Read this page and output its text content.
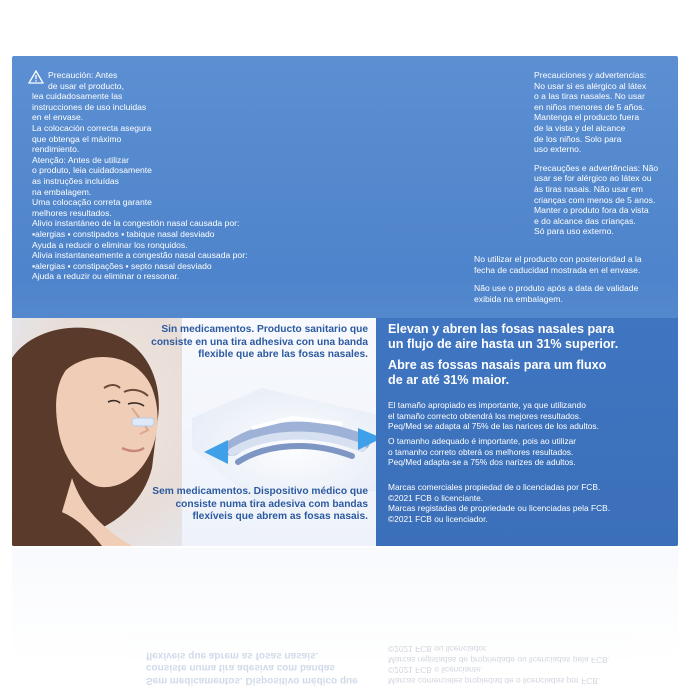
Precaución: Antes
de usar el producto,
lea cuidadosamente las
instrucciones de uso incluidas
en el envase.
La colocación correcta asegura
que obtenga el máximo
rendimiento.
Atenção: Antes de utilizar
o produto, leia cuidadosamente
as instruções incluídas
na embalagem.
Uma colocação correta garante
melhores resultados.
Alivio instantáneo de la congestión nasal causada por:
▪alergias ▪ constipados ▪ tabique nasal desviado
Ayuda a reducir o eliminar los ronquidos.
Alivia instantaneamente a congestão nasal causada por:
▪alergias ▪ constipações ▪ septo nasal desviado
Ajuda a reduzir ou eliminar o ressonar.
Precauciones y advertencias:
No usar si es alérgico al látex
o a las tiras nasales. No usar
en niños menores de 5 años.
Mantenga el producto fuera
de la vista y del alcance
de los niños. Solo para
uso externo.
Precauções e advertências: Não
usar se for alérgico ao látex ou
às tiras nasais. Não usar em
crianças com menos de 5 anos.
Manter o produto fora da vista
e do alcance das crianças.
Só para uso externo.
No utilizar el producto con posterioridad a la
fecha de caducidad mostrada en el envase.
Não use o produto após a data de validade
exibida na embalagem.
Sin medicamentos. Producto sanitario que
consiste en una tira adhesiva con una banda
flexible que abre las fosas nasales.
Sem medicamentos. Dispositivo médico que
consiste numa tira adesiva com bandas
flexíveis que abrem as fosas nasais.
Elevan y abren las fosas nasales para
un flujo de aire hasta un 31% superior.
Abre as fossas nasais para um fluxo
de ar até 31% maior.
El tamaño apropiado es importante, ya que utilizando
el tamaño correcto obtendrá los mejores resultados.
Peq/Med se adapta al 75% de las narices de los adultos.
O tamanho adequado é importante, pois ao utilizar
o tamanho correto obterá os melhores resultados.
Peq/Med adapta-se a 75% dos narizes de adultos.
Marcas comerciales propiedad de o licenciadas por FCB.
©2021 FCB o licenciante.
Marcas registadas de propriedade ou licenciadas pela FCB.
©2021 FCB ou licenciador.
Sem medicamentos. Dispositivo médico que
consiste numa tira adesiva com bandas
flexíveis que abrem as fosas nasais.
Marcas comerciales propiedad de o licenciadas por FCB.
©2021 FCB o licenciante.
Marcas registadas de propriedade ou licenciadas pela FCB.
©2021 FCB ou licenciador.
